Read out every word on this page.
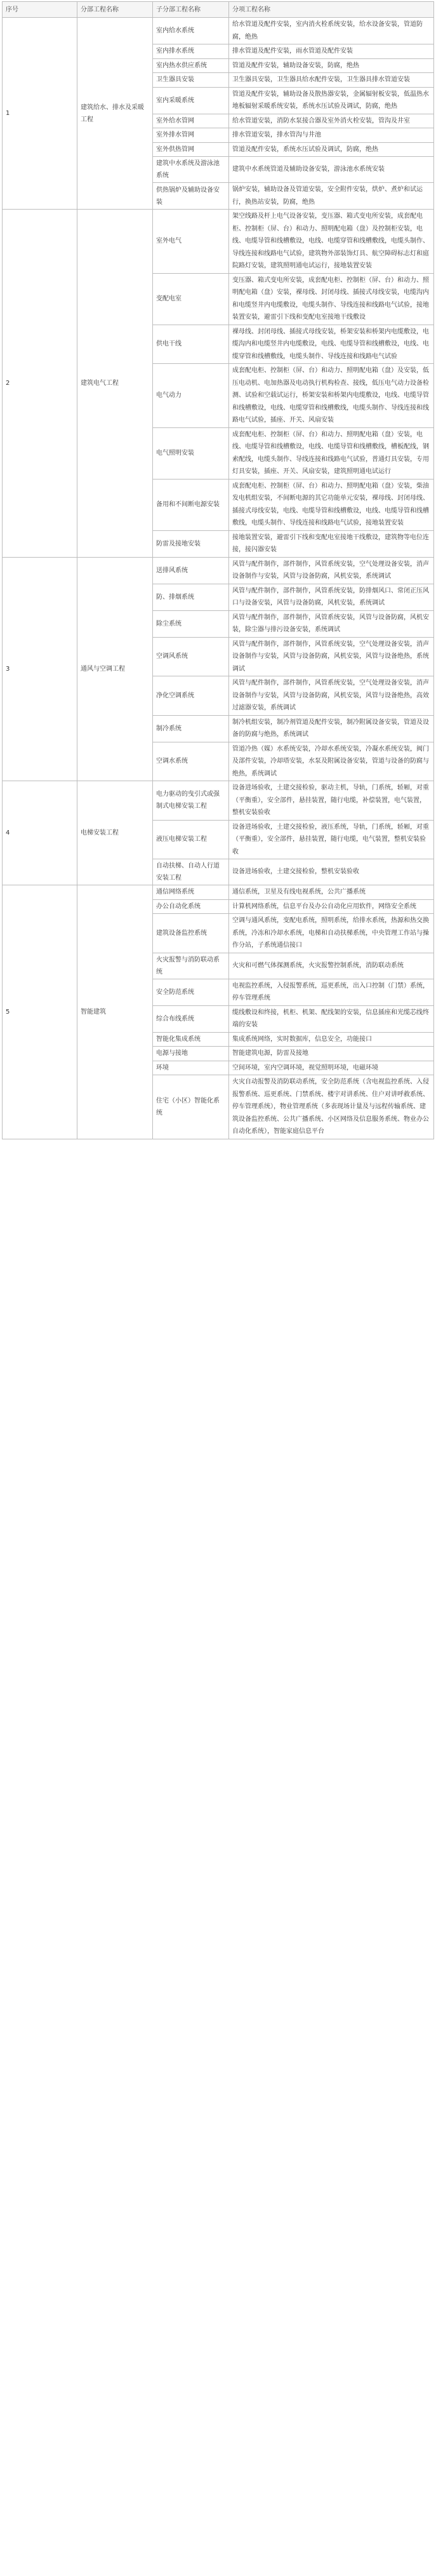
序号	分部工程名称	子分部工程名称	分项工程名称
1	建筑给水、排水及采暖工程	室内给水系统	给水管道及配件安装，室内消火栓系统安装，给水设备安装，管道防腐，绝热
		室内排水系统	排水管道及配件安装，雨水管道及配件安装
		室内热水供应系统	管道及配件安装，辅助设备安装，防腐，绝热
		卫生器具安装	卫生器具安装，卫生器具给水配件安装，卫生器具排水管道安装
		室内采暖系统	管道及配件安装，辅助设备及散热器安装，金属辐射板安装，低温热水地板辐射采暖系统安装，系统水压试验及调试，防腐，绝热
		室外给水管网	给水管道安装，消防水泵接合器及室外消火栓安装，管沟及井室
		室外排水管网	排水管道安装，排水管沟与井池
		室外供热管网	管道及配件安装，系统水压试验及调试，防腐，绝热
		建筑中水系统及游泳池系统	建筑中水系统管道及辅助设备安装，游泳池水系统安装
		供热锅炉及辅助设备安装	锅炉安装，辅助设备及管道安装，安全附件安装，烘炉、煮炉和试运行，换热站安装，防腐，绝热
2	建筑电气工程	室外电气	架空线路及杆上电气设备安装，变压器、箱式变电所安装，成套配电柜、控制柜（屏、台）和动力、照明配电箱（盘）及控制柜安装，电线、电缆导管和线槽敷设，电线、电缆穿管和线槽敷线，电缆头制作、导线连接和线路电气试验，建筑物外部装饰灯具、航空障碍标志灯和庭院路灯安装，建筑照明通电试运行，接地装置安装
		变配电室	变压器、箱式变电所安装，成套配电柜、控制柜（屏、台）和动力、照明配电箱（盘）安装，裸母线、封闭母线、插接式母线安装，电缆沟内和电缆竖井内电缆敷设，电缆头制作、导线连接和线路电气试验，接地装置安装，避雷引下线和变配电室接地干线敷设
		供电干线	裸母线、封闭母线、插接式母线安装，桥架安装和桥架内电缆敷设，电缆沟内和电缆竖井内电缆敷设，电线、电缆导管和线槽敷设，电线、电缆穿管和线槽敷线，电缆头制作、导线连接和线路电气试验
		电气动力	成套配电柜、控制柜（屏、台）和动力、照明配电箱（盘）及安装，低压电动机、电加热器及电动执行机构检查、接线，低压电气动力设备检测、试验和空载试运行，桥架安装和桥架内电缆敷设，电线、电缆导管和线槽敷设，电线、电缆穿管和线槽敷线，电缆头制作、导线连接和线路电气试验，插座、开关、风扇安装
		电气照明安装	成套配电柜、控制柜（屏、台）和动力、照明配电箱（盘）安装，电线、电缆导管和线槽敷设，电线、电缆导管和线槽敷线，槽板配线，钢索配线，电缆头制作、导线连接和线路电气试验，普通灯具安装，专用灯具安装，插座、开关、风扇安装，建筑照明通电试运行
		备用和不间断电源安装	成套配电柜、控制柜（屏、台）和动力、照明配电箱（盘）安装，柴油发电机组安装，不间断电源的其它功能单元安装，裸母线、封闭母线、插接式母线安装，电线、电缆导管和线槽敷设，电线、电缆导管和线槽敷线，电缆头制作、导线连接和线路电气试验，接地装置安装
		防雷及接地安装	接地装置安装，避雷引下线和变配电室接地干线敷设，建筑物等电位连接，接闪器安装
3	通风与空调工程	送排风系统	风管与配件制作，部件制作，风管系统安装，空气处理设备安装，消声设备制作与安装，风管与设备防腐，风机安装，系统调试
		防、排烟系统	风管与配件制作，部件制作，风管系统安装，防排烟风口、常闭正压风口与设备安装，风管与设备防腐，风机安装，系统调试
		除尘系统	风管与配件制作，部件制作，风管系统安装，风管与设备防腐，风机安装，除尘器与排污设备安装，系统调试
		空调风系统	风管与配件制作，部件制作，风管系统安装，空气处理设备安装，消声设备制作与安装，风管与设备防腐，风机安装，风管与设备绝热，系统调试
		净化空调系统	风管与配件制作，部件制作，风管系统安装，空气处理设备安装，消声设备制作与安装，风管与设备防腐，风机安装，风管与设备绝热，高效过滤器安装，系统调试
		制冷系统	制冷机组安装，制冷剂管道及配件安装，制冷附属设备安装，管道及设备的防腐与绝热，系统调试
		空调水系统	管道冷热（媒）水系统安装，冷却水系统安装，冷凝水系统安装，阀门及部件安装，冷却塔安装，水泵及附属设备安装，管道与设备的防腐与绝热，系统调试
4	电梯安装工程	电力驱动的曳引式或强制式电梯安装工程	设备进场验收，土建交接检验，驱动主机，导轨，门系统，轿厢，对重（平衡重），安全部件，悬挂装置，随行电缆，补偿装置，电气装置，整机安装验收
		液压电梯安装工程	设备进场验收，土建交接检验，液压系统，导轨，门系统，轿厢，对重（平衡重），安全部件，悬挂装置，随行电缆，电气装置，整机安装验收
		自动扶梯、自动人行道安装工程	设备进场验收，土建交接检验，整机安装验收
5	智能建筑	通信网络系统	通信系统，卫星及有线电视系统，公共广播系统
		办公自动化系统	计算机网络系统，信息平台及办公自动化应用软件，网络安全系统
		建筑设备监控系统	空调与通风系统，变配电系统，照明系统，给排水系统，热源和热交换系统，冷冻和冷却水系统，电梯和自动扶梯系统，中央管理工作站与操作分站，子系统通信接口
		火灾报警与消防联动系统	火灾和可燃气体探测系统，火灾报警控制系统，消防联动系统
		安全防范系统	电视监控系统，入侵报警系统，巡更系统，出入口控制（门禁）系统，停车管理系统
		综合布线系统	缆线敷设和终接，机柜、机架、配线架的安装，信息插座和光缆芯线终端的安装
		智能化集成系统	集成系统网络，实时数据库，信息安全，功能接口
		电源与接地	智能建筑电源，防雷及接地
		环境	空间环境，室内空调环境，视觉照明环境，电磁环境
		住宅（小区）智能化系统	火灾自动报警及消防联动系统，安全防范系统（含电视监控系统、入侵报警系统、巡更系统、门禁系统、楼宇对讲系统、住户对讲呼救系统、停车管理系统），物业管理系统（多表现场计量及与远程传输系统、建筑设备监控系统、公共广播系统、小区网络及信息服务系统、物业办公自动化系统），智能家庭信息平台
